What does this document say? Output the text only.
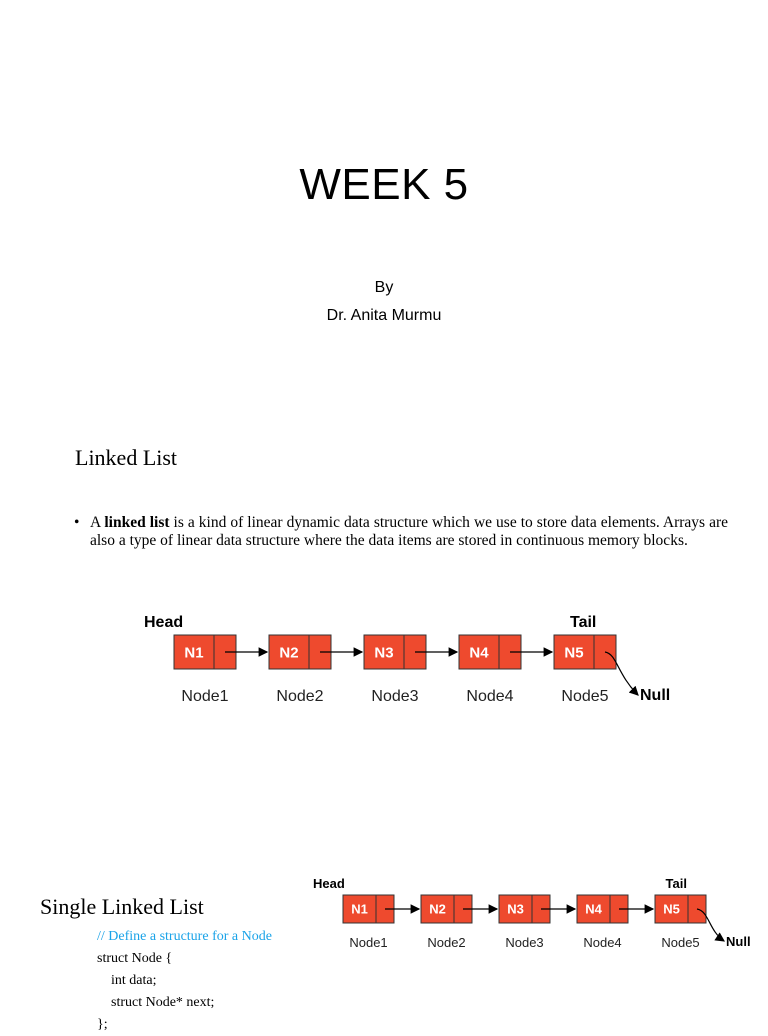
WEEK 5
By
Dr. Anita Murmu
Linked List
• A linked list is a kind of linear dynamic data structure which we use to store data elements. Arrays are also a type of linear data structure where the data items are stored in continuous memory blocks.
Head
N1
Node1
N2
Node2
N3
Node3
N4
Node4
N5
Node5
Tail
Null
Single Linked List
// Define a structure for a Node
struct Node {
int data;
struct Node* next;
};
Head
N1
Node1
N2
Node2
N3
Node3
N4
Node4
N5
Node5
Tail
Null
